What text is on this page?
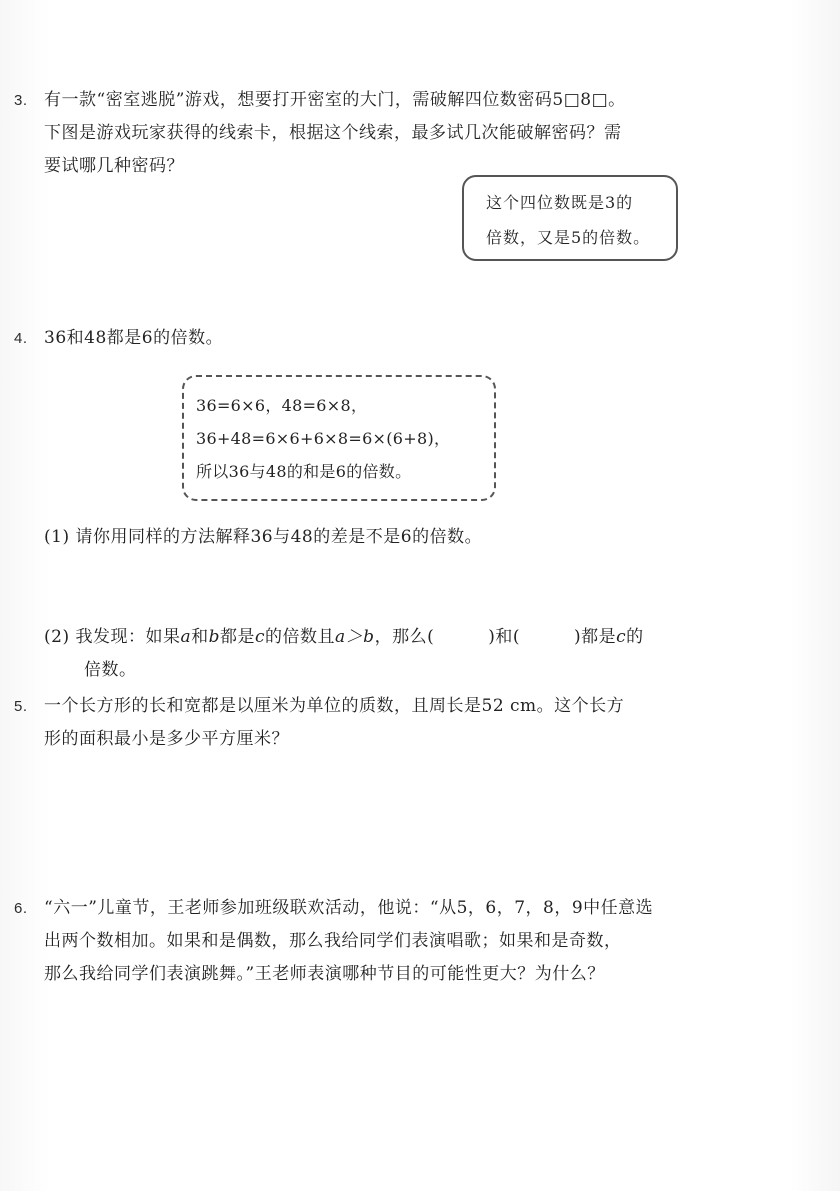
3. 有一款“密室逃脱”游戏，想要打开密室的大门，需破解四位数密码5□8□。

下图是游戏玩家获得的线索卡，根据这个线索，最多试几次能破解密码？需

要试哪几种密码？

这个四位数既是3的

倍数，又是5的倍数。

4. 36和48都是6的倍数。

36=6×6，48=6×8，

36+48=6×6+6×8=6×(6+8)，

所以36与48的和是6的倍数。

(1) 请你用同样的方法解释36与48的差是不是6的倍数。

(2) 我发现：如果a和b都是c的倍数且a＞b，那么(	)和(	)都是c的

倍数。

5. 一个长方形的长和宽都是以厘米为单位的质数，且周长是52 cm。这个长方

形的面积最小是多少平方厘米？

6. “六一”儿童节，王老师参加班级联欢活动，他说：“从5，6，7，8，9中任意选

出两个数相加。如果和是偶数，那么我给同学们表演唱歌；如果和是奇数，

那么我给同学们表演跳舞。”王老师表演哪种节目的可能性更大？为什么？
